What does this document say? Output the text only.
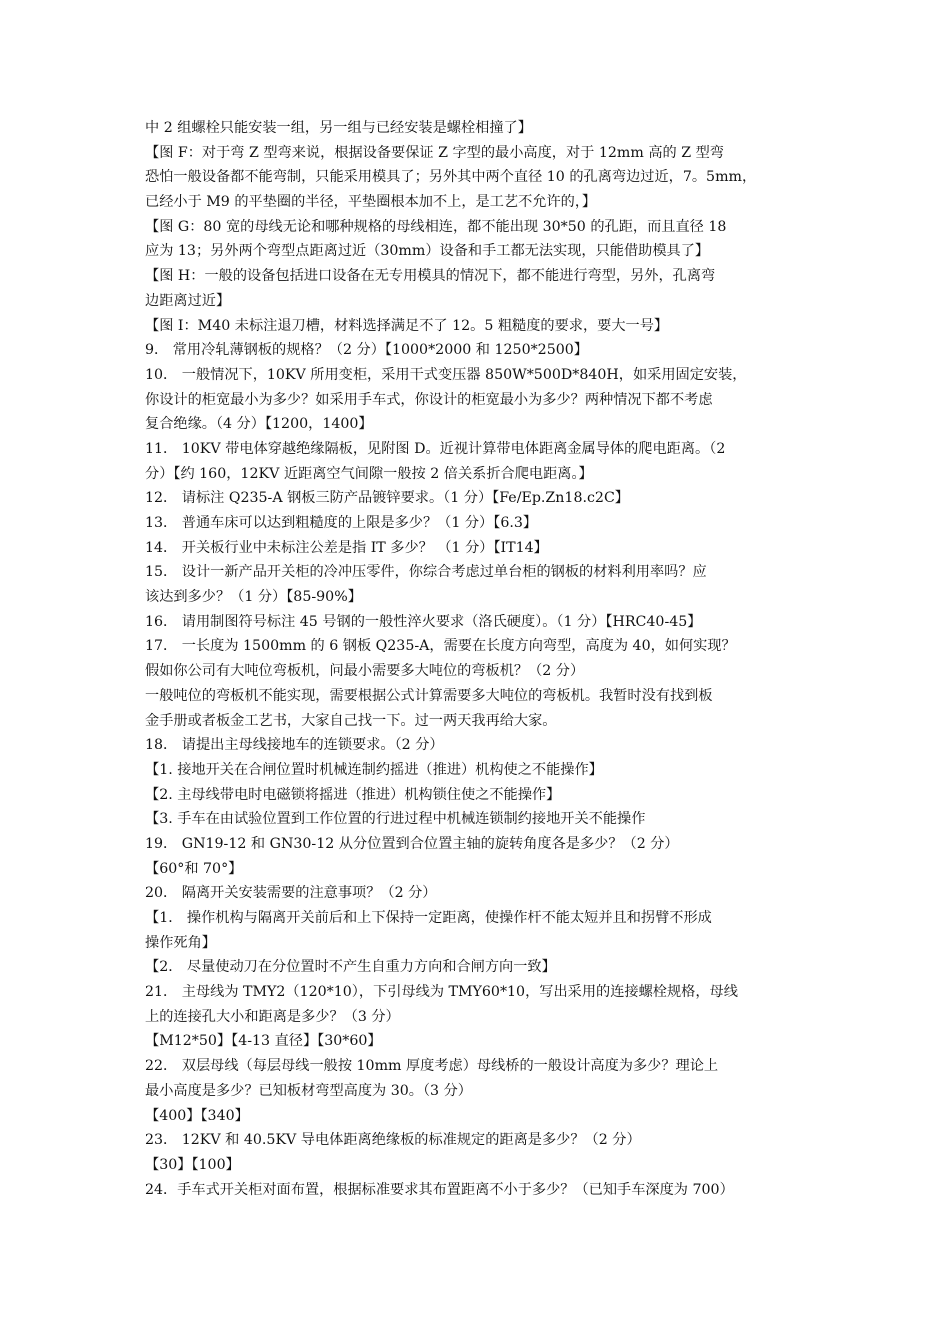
中 2 组螺栓只能安装一组，另一组与已经安装是螺栓相撞了】
【图 F：对于弯 Z 型弯来说，根据设备要保证 Z 字型的最小高度，对于 12mm 高的 Z 型弯
恐怕一般设备都不能弯制，只能采用模具了；另外其中两个直径 10 的孔离弯边过近，7。5mm，
已经小于 M9 的平垫圈的半径，平垫圈根本加不上，是工艺不允许的，】
【图 G：80 宽的母线无论和哪种规格的母线相连，都不能出现 30*50 的孔距，而且直径 18
应为 13；另外两个弯型点距离过近（30mm）设备和手工都无法实现，只能借助模具了】
【图 H：一般的设备包括进口设备在无专用模具的情况下，都不能进行弯型，另外，孔离弯
边距离过近】
【图 I：M40 未标注退刀槽，材料选择满足不了 12。5 粗糙度的要求，要大一号】
9． 常用冷轧薄钢板的规格？（2 分）【1000*2000 和 1250*2500】
10． 一般情况下，10KV 所用变柜，采用干式变压器 850W*500D*840H，如采用固定安装，
你设计的柜宽最小为多少？如采用手车式，你设计的柜宽最小为多少？两种情况下都不考虑
复合绝缘。（4 分）【1200，1400】
11． 10KV 带电体穿越绝缘隔板，见附图 D。近视计算带电体距离金属导体的爬电距离。（2
分）【约 160，12KV 近距离空气间隙一般按 2 倍关系折合爬电距离。】
12． 请标注 Q235-A 钢板三防产品镀锌要求。（1 分）【Fe/Ep.Zn18.c2C】
13． 普通车床可以达到粗糙度的上限是多少？（1 分）【6.3】
14． 开关板行业中未标注公差是指 IT 多少？ （1 分）【IT14】
15． 设计一新产品开关柜的冷冲压零件，你综合考虑过单台柜的钢板的材料利用率吗？应
该达到多少？（1 分）【85-90%】
16． 请用制图符号标注 45 号钢的一般性淬火要求（洛氏硬度）。（1 分）【HRC40-45】
17． 一长度为 1500mm 的 6 钢板 Q235-A，需要在长度方向弯型，高度为 40，如何实现？
假如你公司有大吨位弯板机，问最小需要多大吨位的弯板机？（2 分）
一般吨位的弯板机不能实现，需要根据公式计算需要多大吨位的弯板机。我暂时没有找到板
金手册或者板金工艺书，大家自己找一下。过一两天我再给大家。
18． 请提出主母线接地车的连锁要求。（2 分）
【1. 接地开关在合闸位置时机械连制约摇进（推进）机构使之不能操作】
【2. 主母线带电时电磁锁将摇进（推进）机构锁住使之不能操作】
【3. 手车在由试验位置到工作位置的行进过程中机械连锁制约接地开关不能操作
19． GN19-12 和 GN30-12 从分位置到合位置主轴的旋转角度各是多少？（2 分）
【60°和 70°】
20． 隔离开关安装需要的注意事项？（2 分）
【1． 操作机构与隔离开关前后和上下保持一定距离，使操作杆不能太短并且和拐臂不形成
操作死角】
【2． 尽量使动刀在分位置时不产生自重力方向和合闸方向一致】
21． 主母线为 TMY2（120*10），下引母线为 TMY60*10，写出采用的连接螺栓规格，母线
上的连接孔大小和距离是多少？（3 分）
【M12*50】【4-13 直径】【30*60】
22． 双层母线（每层母线一般按 10mm 厚度考虑）母线桥的一般设计高度为多少？理论上
最小高度是多少？已知板材弯型高度为 30。（3 分）
【400】【340】
23． 12KV 和 40.5KV 导电体距离绝缘板的标准规定的距离是多少？（2 分）
【30】【100】
24．手车式开关柜对面布置，根据标准要求其布置距离不小于多少？（已知手车深度为 700）
